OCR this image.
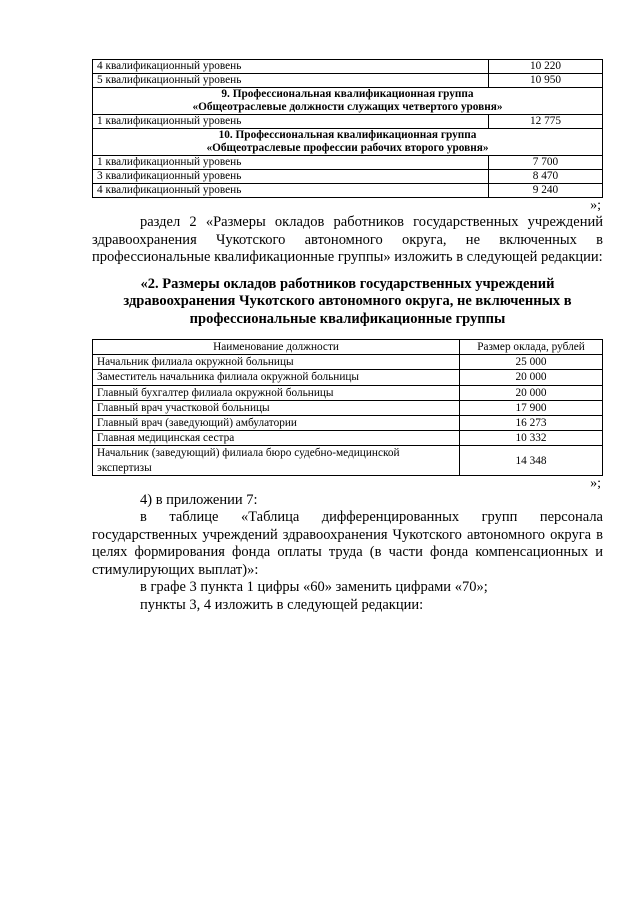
4 квалификационный уровень	10 220
5 квалификационный уровень	10 950

9. Профессиональная квалификационная группа
«Общеотраслевые должности служащих четвертого уровня»	

1 квалификационный уровень	12 775

10. Профессиональная квалификационная группа
«Общеотраслевые профессии рабочих второго уровня»	

1 квалификационный уровень	7 700
3 квалификационный уровень	8 470
4 квалификационный уровень	9 240
»;

раздел 2 «Размеры окладов работников государственных учреждений здравоохранения Чукотского автономного округа, не включенных в профессиональные квалификационные группы» изложить в следующей редакции:

«2. Размеры окладов работников государственных учреждений здравоохранения Чукотского автономного округа, не включенных в профессиональные квалификационные группы
Наименование должности	Размер оклада, рублей
Начальник филиала окружной больницы	25 000
Заместитель начальника филиала окружной больницы	20 000
Главный бухгалтер филиала окружной больницы	20 000
Главный врач участковой больницы	17 900
Главный врач (заведующий) амбулатории	16 273
Главная медицинская сестра	10 332
Начальник (заведующий) филиала бюро судебно-медицинской экспертизы	14 348
»;

4) в приложении 7:

в таблице «Таблица дифференцированных групп персонала государственных учреждений здравоохранения Чукотского автономного округа в целях формирования фонда оплаты труда (в части фонда компенсационных и стимулирующих выплат)»:

в графе 3 пункта 1 цифры «60» заменить цифрами «70»;

пункты 3, 4 изложить в следующей редакции:
